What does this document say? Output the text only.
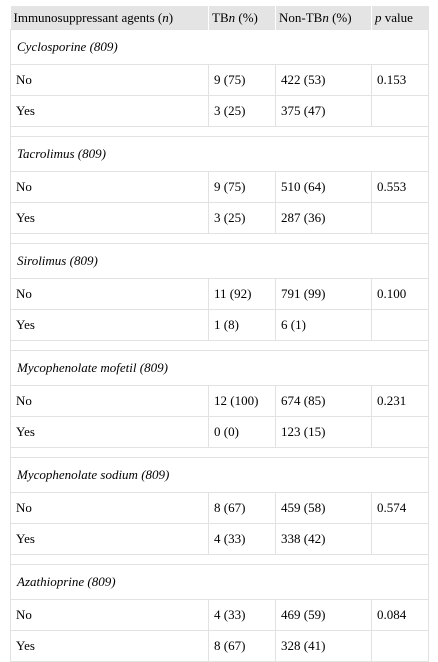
Immunosuppressant agents (n)	TBn (%)	Non-TBn (%)	p value
Cyclosporine (809)			
No	9 (75)	422 (53)	0.153
Yes	3 (25)	375 (47)	

Tacrolimus (809)			
No	9 (75)	510 (64)	0.553
Yes	3 (25)	287 (36)	

Sirolimus (809)			
No	11 (92)	791 (99)	0.100
Yes	1 (8)	6 (1)	

Mycophenolate mofetil (809)			
No	12 (100)	674 (85)	0.231
Yes	0 (0)	123 (15)	

Mycophenolate sodium (809)			
No	8 (67)	459 (58)	0.574
Yes	4 (33)	338 (42)	

Azathioprine (809)			
No	4 (33)	469 (59)	0.084
Yes	8 (67)	328 (41)	
